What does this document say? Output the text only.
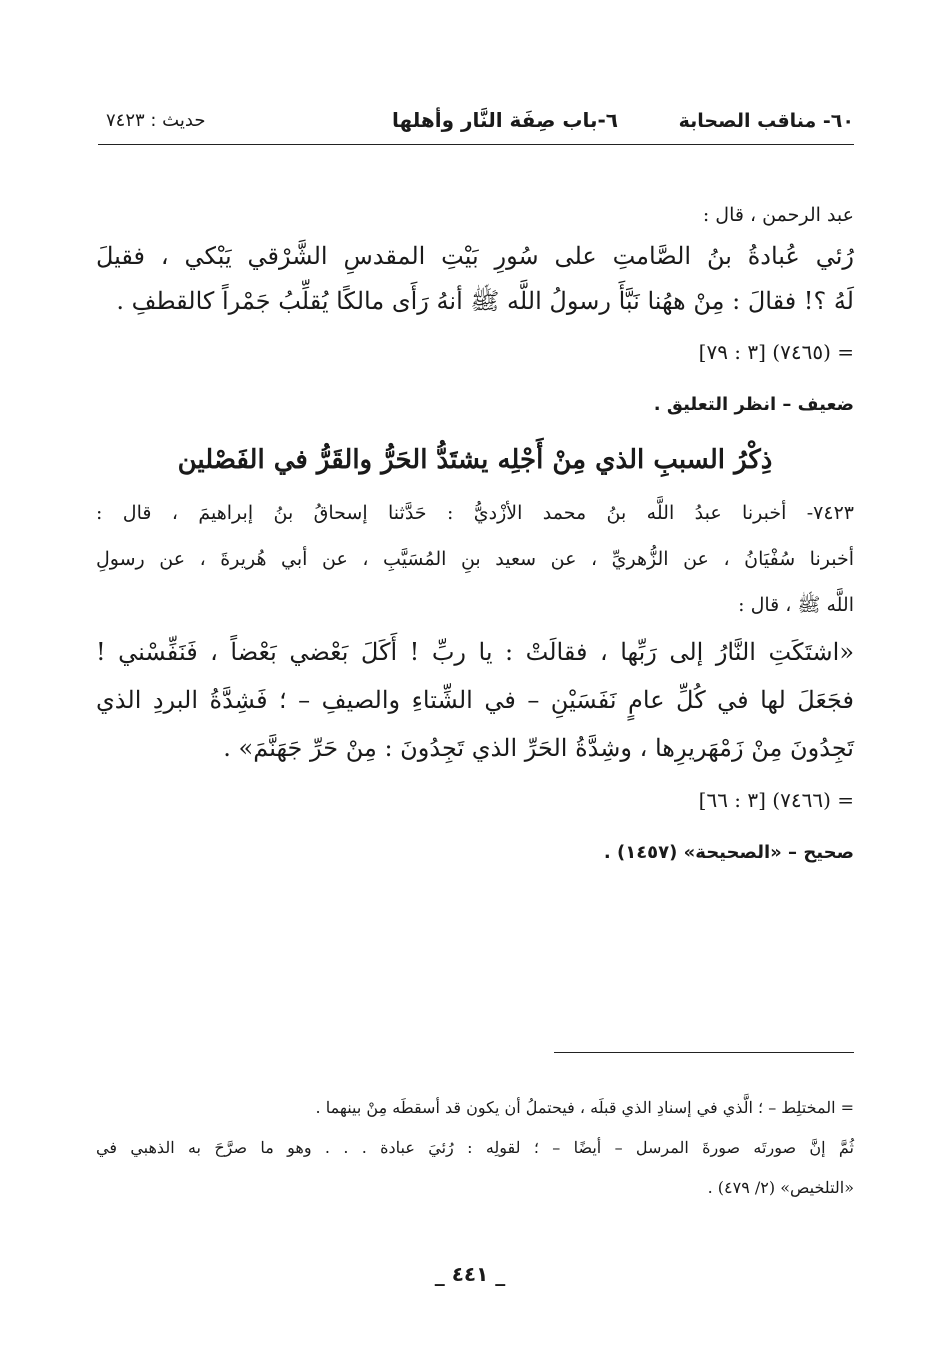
٦٠- مناقب الصحابة
٦-باب صِفَة النَّار وأهلها
حديث : ٧٤٢٣
عبد الرحمن ، قال :
رُئي عُبادةُ بنُ الصَّامتِ على سُورِ بَيْتِ المقدسِ الشَّرْقي يَبْكي ، فقيلَ
لَهُ ؟! فقالَ : مِنْ ههُنا نَبَّأَ رسولُ اللَّه ﷺ أنهُ رَأَى مالكًا يُقلِّبُ جَمْراً كالقطفِ .
= (٧٤٦٥) [٣ : ٧٩]
ضعيف – انظر التعليق .
ذِكْرُ السببِ الذي مِنْ أَجْلِه يشتَدُّ الحَرُّ والقَرُّ في الفَصْلين
٧٤٢٣- أخبرنا عبدُ اللَّه بنُ محمد الأزْديُّ : حَدَّثنا إسحاقُ بنُ إبراهيمَ ، قال :
أخبرنا سُفْيَانُ ، عن الزُّهريِّ ، عن سعيد بنِ المُسَيَّبِ ، عن أبي هُريرةَ ، عن رسولِ
اللَّه ﷺ ، قال :
«اشتَكَتِ النَّارُ إلى رَبِّها ، فقالَتْ : يا ربِّ ! أَكَلَ بَعْضي بَعْضاً ، فَنَفِّسْني !
فجَعَلَ لها في كُلِّ عامٍ نَفَسَيْنِ – في الشِّتاءِ والصيفِ – ؛ فَشِدَّةُ البردِ الذي
تَجِدُونَ مِنْ زَمْهَريرِها ، وشِدَّةُ الحَرِّ الذي تَجِدُونَ : مِنْ حَرِّ جَهَنَّمَ» .
= (٧٤٦٦) [٣ : ٦٦]
صحيح – «الصحيحة» (١٤٥٧) .
= المختلِط – ؛ الَّذي في إسنادِ الذي قبلَه ، فيحتملُ أن يكون قد أسقطَه مِنْ بينهما .
ثُمَّ إنَّ صورتَه صورةَ المرسل – أيضًا – ؛ لقولِه : رُئيَ عبادة . . . وهو ما صرَّحَ به الذهبي في
«التلخيص» (٢/ ٤٧٩) .
_ ٤٤١ _
